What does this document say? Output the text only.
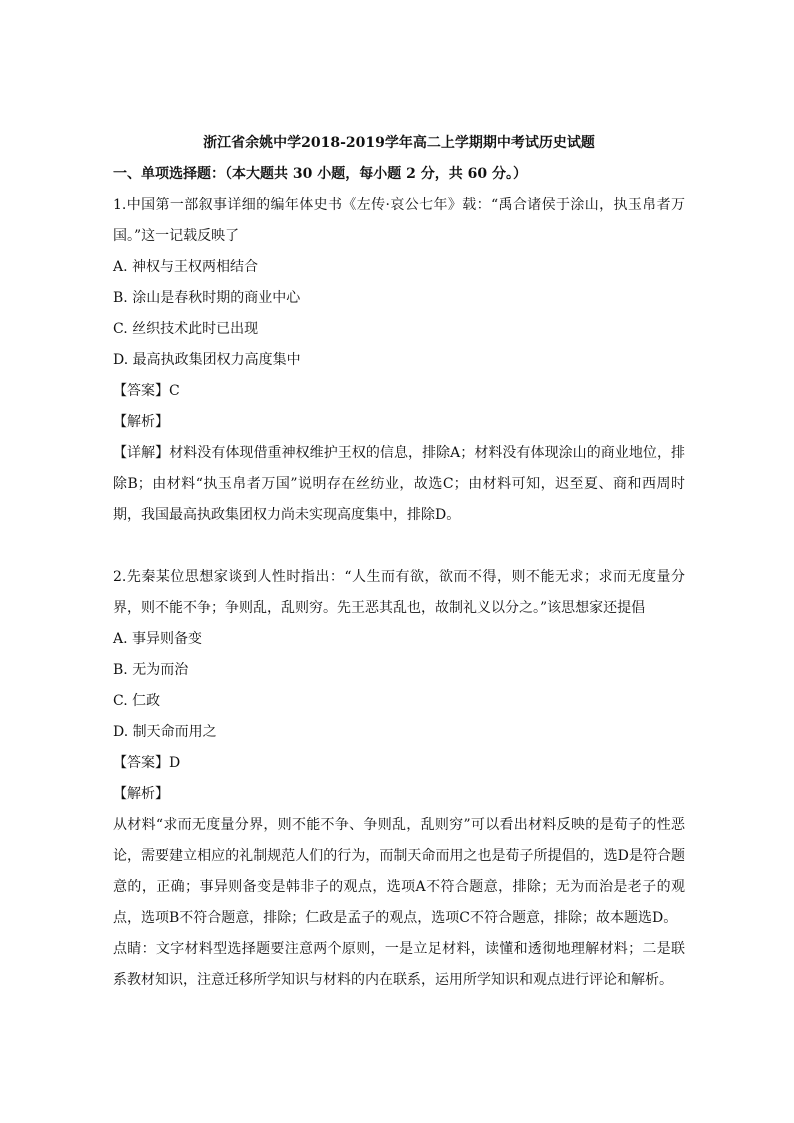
浙江省余姚中学2018-2019学年高二上学期期中考试历史试题
一、单项选择题：（本大题共 30 小题，每小题 2 分，共 60 分。）

1.中国第一部叙事详细的编年体史书《左传·哀公七年》载：“禹合诸侯于涂山，执玉帛者万国。”这一记载反映了

A. 神权与王权两相结合
B. 涂山是春秋时期的商业中心
C. 丝织技术此时已出现
D. 最高执政集团权力高度集中
【答案】C
【解析】

【详解】材料没有体现借重神权维护王权的信息，排除A；材料没有体现涂山的商业地位，排除B；由材料“执玉帛者万国”说明存在丝纺业，故选C；由材料可知，迟至夏、商和西周时期，我国最高执政集团权力尚未实现高度集中，排除D。

2.先秦某位思想家谈到人性时指出：“人生而有欲，欲而不得，则不能无求；求而无度量分界，则不能不争；争则乱，乱则穷。先王恶其乱也，故制礼义以分之。”该思想家还提倡

A. 事异则备变
B. 无为而治
C. 仁政
D. 制天命而用之
【答案】D
【解析】

从材料“求而无度量分界，则不能不争、争则乱，乱则穷”可以看出材料反映的是荀子的性恶论，需要建立相应的礼制规范人们的行为，而制天命而用之也是荀子所提倡的，选D是符合题意的，正确；事异则备变是韩非子的观点，选项A不符合题意，排除；无为而治是老子的观点，选项B不符合题意，排除；仁政是孟子的观点，选项C不符合题意，排除；故本题选D。

点睛：文字材料型选择题要注意两个原则，一是立足材料，读懂和透彻地理解材料；二是联系教材知识，注意迁移所学知识与材料的内在联系，运用所学知识和观点进行评论和解析。
